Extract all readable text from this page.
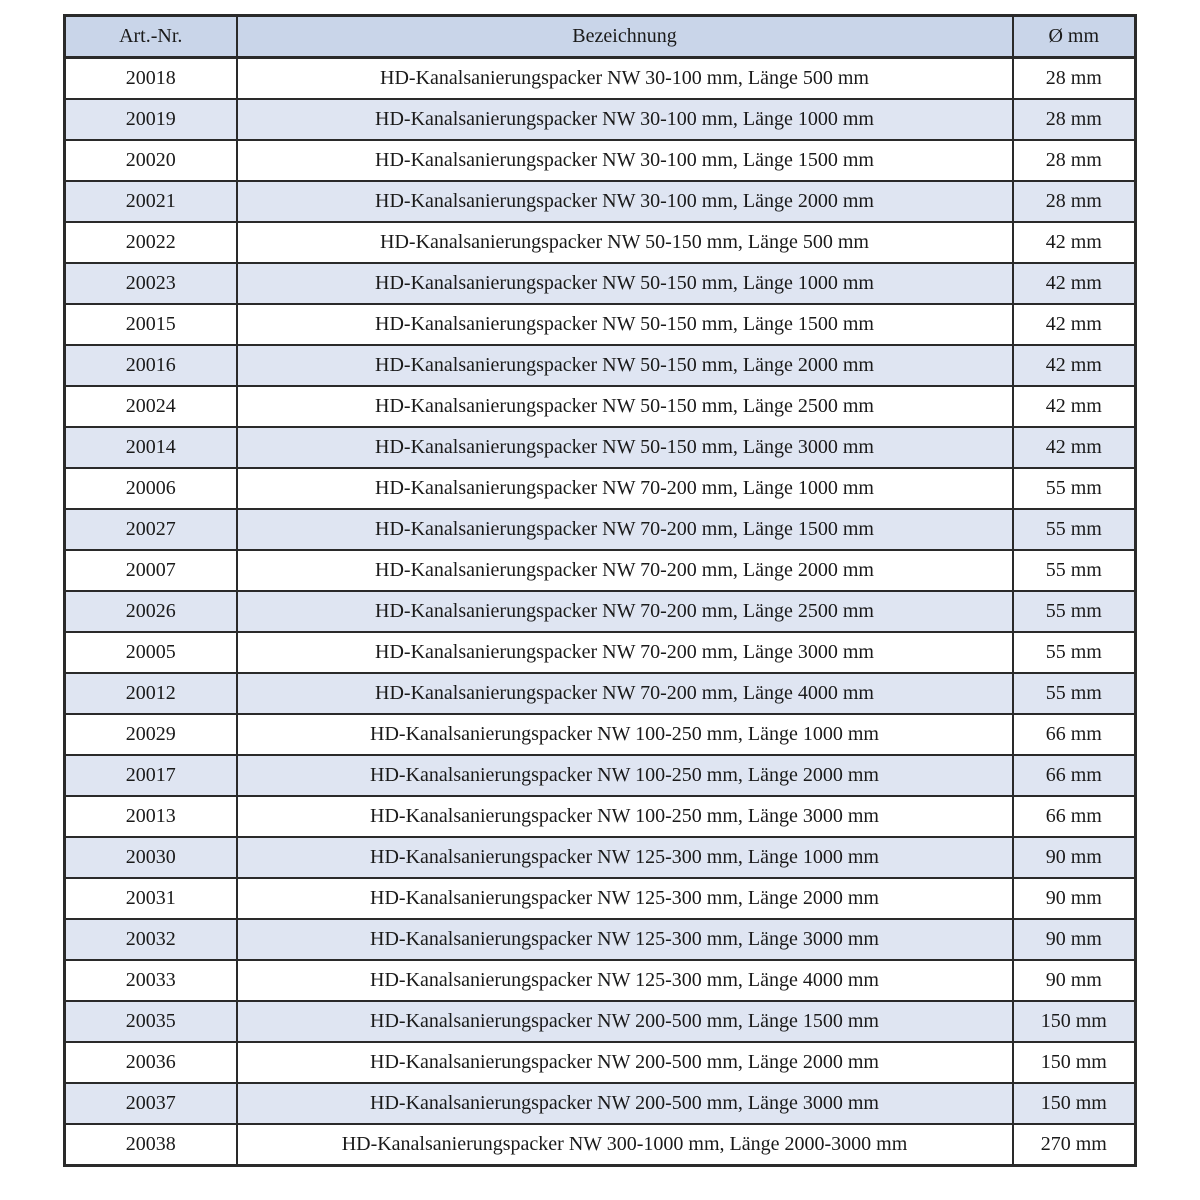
Art.-Nr.	Bezeichnung	Ø mm
20018	HD-Kanalsanierungspacker NW 30-100 mm, Länge 500 mm	28 mm
20019	HD-Kanalsanierungspacker NW 30-100 mm, Länge 1000 mm	28 mm
20020	HD-Kanalsanierungspacker NW 30-100 mm, Länge 1500 mm	28 mm
20021	HD-Kanalsanierungspacker NW 30-100 mm, Länge 2000 mm	28 mm
20022	HD-Kanalsanierungspacker NW 50-150 mm, Länge 500 mm	42 mm
20023	HD-Kanalsanierungspacker NW 50-150 mm, Länge 1000 mm	42 mm
20015	HD-Kanalsanierungspacker NW 50-150 mm, Länge 1500 mm	42 mm
20016	HD-Kanalsanierungspacker NW 50-150 mm, Länge 2000 mm	42 mm
20024	HD-Kanalsanierungspacker NW 50-150 mm, Länge 2500 mm	42 mm
20014	HD-Kanalsanierungspacker NW 50-150 mm, Länge 3000 mm	42 mm
20006	HD-Kanalsanierungspacker NW 70-200 mm, Länge 1000 mm	55 mm
20027	HD-Kanalsanierungspacker NW 70-200 mm, Länge 1500 mm	55 mm
20007	HD-Kanalsanierungspacker NW 70-200 mm, Länge 2000 mm	55 mm
20026	HD-Kanalsanierungspacker NW 70-200 mm, Länge 2500 mm	55 mm
20005	HD-Kanalsanierungspacker NW 70-200 mm, Länge 3000 mm	55 mm
20012	HD-Kanalsanierungspacker NW 70-200 mm, Länge 4000 mm	55 mm
20029	HD-Kanalsanierungspacker NW 100-250 mm, Länge 1000 mm	66 mm
20017	HD-Kanalsanierungspacker NW 100-250 mm, Länge 2000 mm	66 mm
20013	HD-Kanalsanierungspacker NW 100-250 mm, Länge 3000 mm	66 mm
20030	HD-Kanalsanierungspacker NW 125-300 mm, Länge 1000 mm	90 mm
20031	HD-Kanalsanierungspacker NW 125-300 mm, Länge 2000 mm	90 mm
20032	HD-Kanalsanierungspacker NW 125-300 mm, Länge 3000 mm	90 mm
20033	HD-Kanalsanierungspacker NW 125-300 mm, Länge 4000 mm	90 mm
20035	HD-Kanalsanierungspacker NW 200-500 mm, Länge 1500 mm	150 mm
20036	HD-Kanalsanierungspacker NW 200-500 mm, Länge 2000 mm	150 mm
20037	HD-Kanalsanierungspacker NW 200-500 mm, Länge 3000 mm	150 mm
20038	HD-Kanalsanierungspacker NW 300-1000 mm, Länge 2000-3000 mm	270 mm
